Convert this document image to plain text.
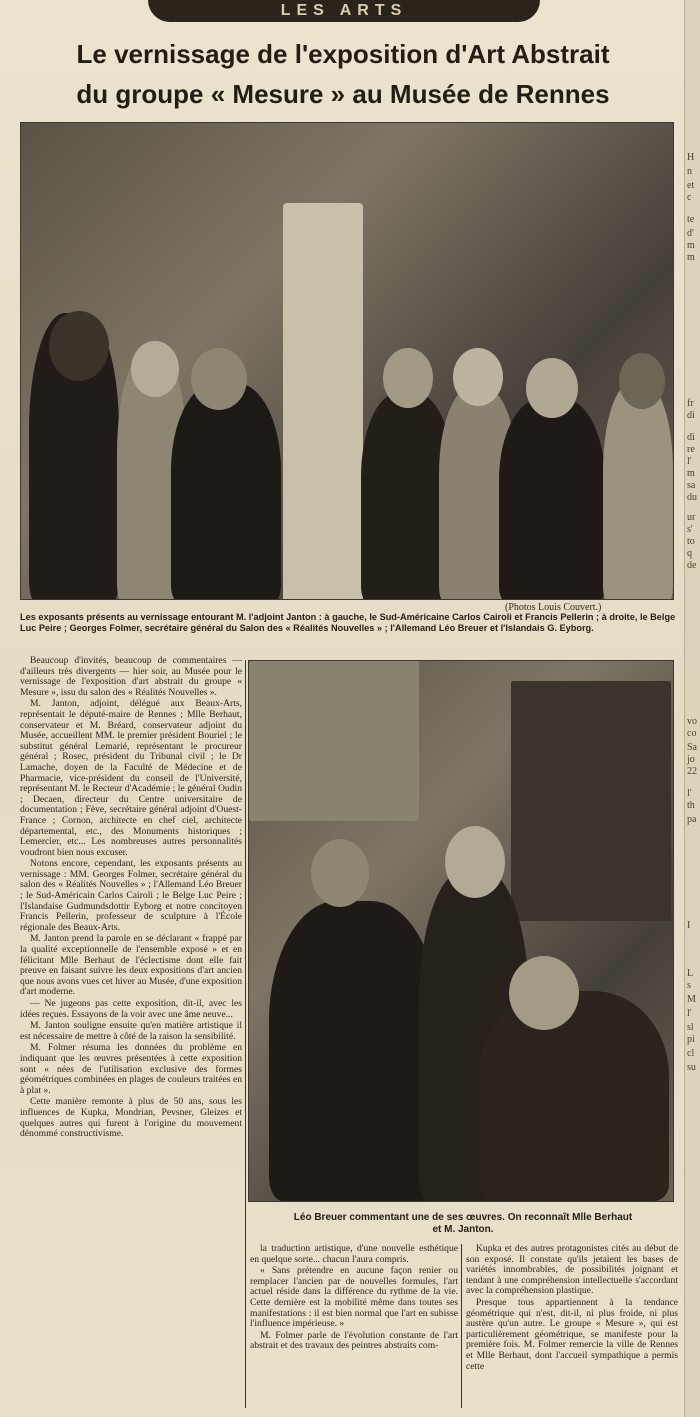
H
n
et
c
te
d'
m
m
fr
di
di
re
l'
m
sa
du
ur
s'
to
q
de
vo
co
Sa
jo
22
l'
th
pa
I
L
s
M
l'
sl
pi
cl
su
LES ARTS
Le vernissage de l'exposition d'Art Abstrait
du groupe « Mesure » au Musée de Rennes
(Photos Louis Couvert.)
Les exposants présents au vernissage entourant M. l'adjoint Janton : à gauche, le Sud-Américaine Carlos Cairoli et Francis Pellerin ; à droite, le Belge Luc Peire ; Georges Folmer, secrétaire général du Salon des « Réalités Nouvelles » ; l'Allemand Léo Breuer et l'Islandais G. Eyborg.

Beaucoup d'invités, beaucoup de commentaires — d'ailleurs très divergents — hier soir, au Musée pour le vernissage de l'exposition d'art abstrait du groupe « Mesure », issu du salon des « Réalités Nouvelles ».

M. Janton, adjoint, délégué aux Beaux-Arts, représentait le député-maire de Rennes ; Mlle Berhaut, conservateur et M. Bréard, conservateur adjoint du Musée, accueillent MM. le premier président Bouriel ; le substitut général Lemarié, représentant le procureur général ; Rosec, président du Tribunal civil ; le Dr Lamache, doyen de la Faculté de Médecine et de Pharmacie, vice-président du conseil de l'Université, représentant M. le Recteur d'Académie ; le général Oudin ; Decaen, directeur du Centre universitaire de documentation ; Fève, secrétaire général adjoint d'Ouest-France ; Cornon, architecte en chef ciel, architecte départemental, etc., des Monuments historiques ; Lemercier, etc... Les nombreuses autres personnalités voudront bien nous excuser.

Notons encore, cependant, les exposants présents au vernissage : MM. Georges Folmer, secrétaire général du salon des « Réalités Nouvelles » ; l'Allemand Léo Breuer ; le Sud-Américain Carlos Cairoli ; le Belge Luc Peire ; l'Islandaise Gudmundsdottir Eyborg et notre concitoyen Francis Pellerin, professeur de sculpture à l'École régionale des Beaux-Arts.

M. Janton prend la parole en se déclarant « frappé par la qualité exceptionnelle de l'ensemble exposé » et en félicitant Mlle Berhaut de l'éclectisme dont elle fait preuve en faisant suivre les deux expositions d'art ancien que nous avons vues cet hiver au Musée, d'une exposition d'art moderne.

— Ne jugeons pas cette exposition, dit-il, avec les idées reçues. Essayons de la voir avec une âme neuve...

M. Janton souligne ensuite qu'en matière artistique il est nécessaire de mettre à côté de la raison la sensibilité.

M. Folmer résuma les données du problème en indiquant que les œuvres présentées à cette exposition sont « nées de l'utilisation exclusive des formes géométriques combinées en plages de couleurs traitées en à plat ».

Cette manière remonte à plus de 50 ans, sous les influences de Kupka, Mondrian, Pevsner, Gleizes et quelques autres qui furent à l'origine du mouvement dénommé constructivisme.

Léo Breuer commentant une de ses œuvres. On reconnaît Mlle Berhaut
et M. Janton.

la traduction artistique, d'une nouvelle esthétique en quelque sorte... chacun l'aura compris.

« Sans prétendre en aucune façon renier ou remplacer l'ancien par de nouvelles formules, l'art actuel réside dans la différence du rythme de la vie. Cette dernière est la mobilité même dans toutes ses manifestations : il est bien normal que l'art en subisse l'influence impérieuse. »

M. Folmer parle de l'évolution constante de l'art abstrait et des travaux des peintres abstraits com-

Kupka et des autres protagonistes cités au début de son exposé. Il constate qu'ils jetaient les bases de variétés innombrables, de possibilités joignant et tendant à une compréhension intellectuelle s'accordant avec la compréhension plastique.

Presque tous appartiennent à la tendance géométrique qui n'est, dit-il, ni plus froide, ni plus austère qu'un autre. Le groupe « Mesure », qui est particulièrement géométrique, se manifeste pour la première fois. M. Folmer remercie la ville de Rennes et Mlle Berhaut, dont l'accueil sympathique a permis cette
